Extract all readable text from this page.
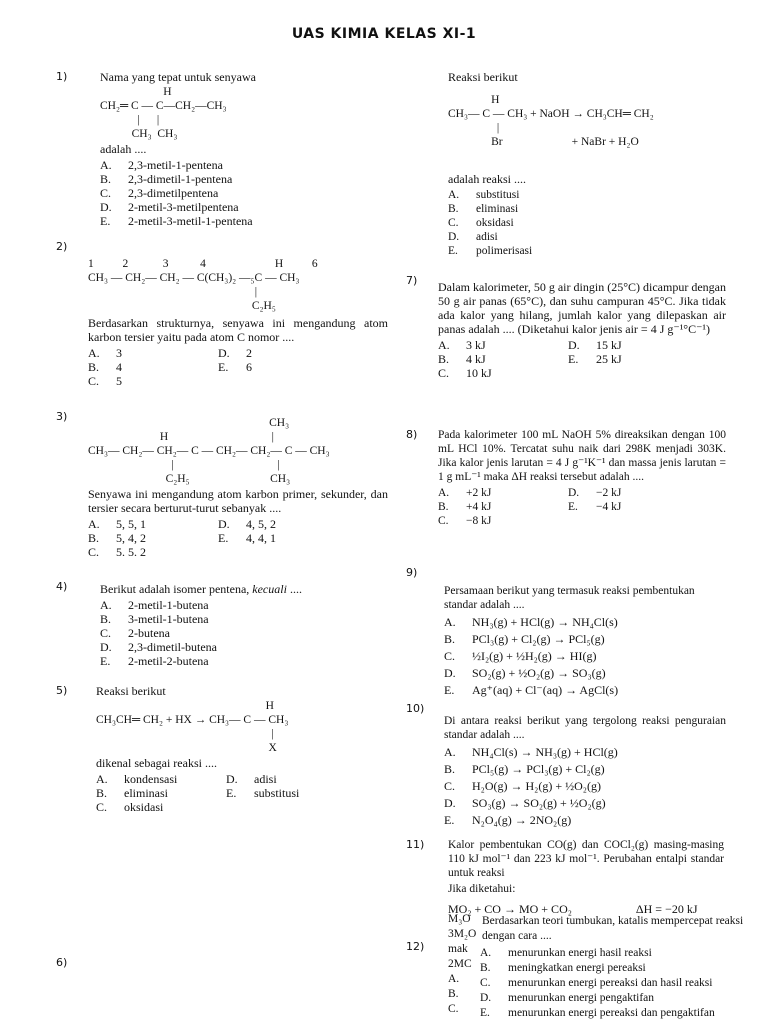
UAS KIMIA KELAS XI-1
1)	Nama yang tepat untuk senyawa
H
CH₂═ C — C—CH₂—CH₃
|      |
CH₃  CH₃
adalah ....
A.	2,3-metil-1-pentena
B.	2,3-dimetil-1-pentena
C.	2,3-dimetilpentena
D.	2-metil-3-metilpentena
E.	2-metil-3-metil-1-pentena
2)
1          2            3           4                        H          6
CH₃ — CH₂— CH₂ — C(CH₃)₂ —₅C — CH₃
|
C₂H₅
Berdasarkan strukturnya, senyawa ini mengandung atom karbon tersier yaitu pada atom C nomor ....
A.	3	D.	2
B.	4	E.	6
C.	5
3) CH₃
H                                    |
CH₃— CH₂— CH₂— C — CH₂— CH₂— C — CH₃
|                                    |
C₂H₅                            CH₃
Senyawa ini mengandung atom karbon primer, sekunder, dan tersier secara berturut-turut sebanyak ....
A.	5, 5, 1	D.	4, 5, 2
B.	5, 4, 2	E.	4, 4, 1
C.	5. 5. 2
4)	Berikut adalah isomer pentena, kecuali ....
A.	2-metil-1-butena
B.	3-metil-1-butena
C.	2-butena
D.	2,3-dimetil-butena
E.	2-metil-2-butena
5) Reaksi berikut
H
CH₃CH═ CH₂ + HX → CH₃— C — CH₃
|
X
dikenal sebagai reaksi ....
A.	kondensasi	D.	adisi
B.	eliminasi	E.	substitusi
C.	oksidasi
6)
Reaksi berikut
H
CH₃— C — CH₃ + NaOH → CH₃CH═ CH₂
|
Br                        + NaBr + H₂O
adalah reaksi ....
A.	substitusi
B.	eliminasi
C.	oksidasi
D.	adisi
E.	polimerisasi
7) Dalam kalorimeter, 50 g air dingin (25°C) dicampur dengan 50 g air panas (65°C), dan suhu campuran 45°C. Jika tidak ada kalor yang hilang, jumlah kalor yang dilepaskan air panas adalah .... (Diketahui kalor jenis air = 4 J g⁻¹°C⁻¹)
A.	3 kJ	D.	15 kJ
B.	4 kJ	E.	25 kJ
C.	10 kJ
8) Pada kalorimeter 100 mL NaOH 5% direaksikan dengan 100 mL HCl 10%. Tercatat suhu naik dari 298K menjadi 303K. Jika kalor jenis larutan = 4 J g⁻¹K⁻¹ dan massa jenis larutan = 1 g mL⁻¹ maka ΔH reaksi tersebut adalah ....
A.	+2 kJ	D.	−2 kJ
B.	+4 kJ	E.	−4 kJ
C.	−8 kJ
9)
Persamaan berikut yang termasuk reaksi pembentukan standar adalah ....
A. NH₃(g) + HCl(g) → NH₄Cl(s)
B. PCl₃(g) + Cl₂(g) → PCl₅(g)
C. ½I₂(g) + ½H₂(g) → HI(g)
D. SO₂(g) + ½O₂(g) → SO₃(g)
E. Ag⁺(aq) + Cl⁻(aq) → AgCl(s)
10)
Di antara reaksi berikut yang tergolong reaksi penguraian standar adalah ....
A. NH₄Cl(s) → NH₃(g) + HCl(g)
B. PCl₅(g) → PCl₃(g) + Cl₂(g)
C. H₂O(g) → H₂(g) + ½O₂(g)
D. SO₃(g) → SO₂(g) + ½O₂(g)
E. N₂O₄(g) → 2NO₂(g)
11) Kalor pembentukan CO(g) dan COCl₂(g) masing-masing 110 kJ mol⁻¹ dan 223 kJ mol⁻¹. Perubahan entalpi standar untuk reaksi
Jika diketahui:
MO₂ + CO → MO + CO₂	ΔH = −20 kJ
M₃O
3M₂O
mak
2MC
A.
B.
C.
12)
Berdasarkan teori tumbukan, katalis mempercepat reaksi dengan cara ....
A.	menurunkan energi hasil reaksi
B.	meningkatkan energi pereaksi
C.	menurunkan energi pereaksi dan hasil reaksi
D.	menurunkan energi pengaktifan
E.	menurunkan energi pereaksi dan pengaktifan
